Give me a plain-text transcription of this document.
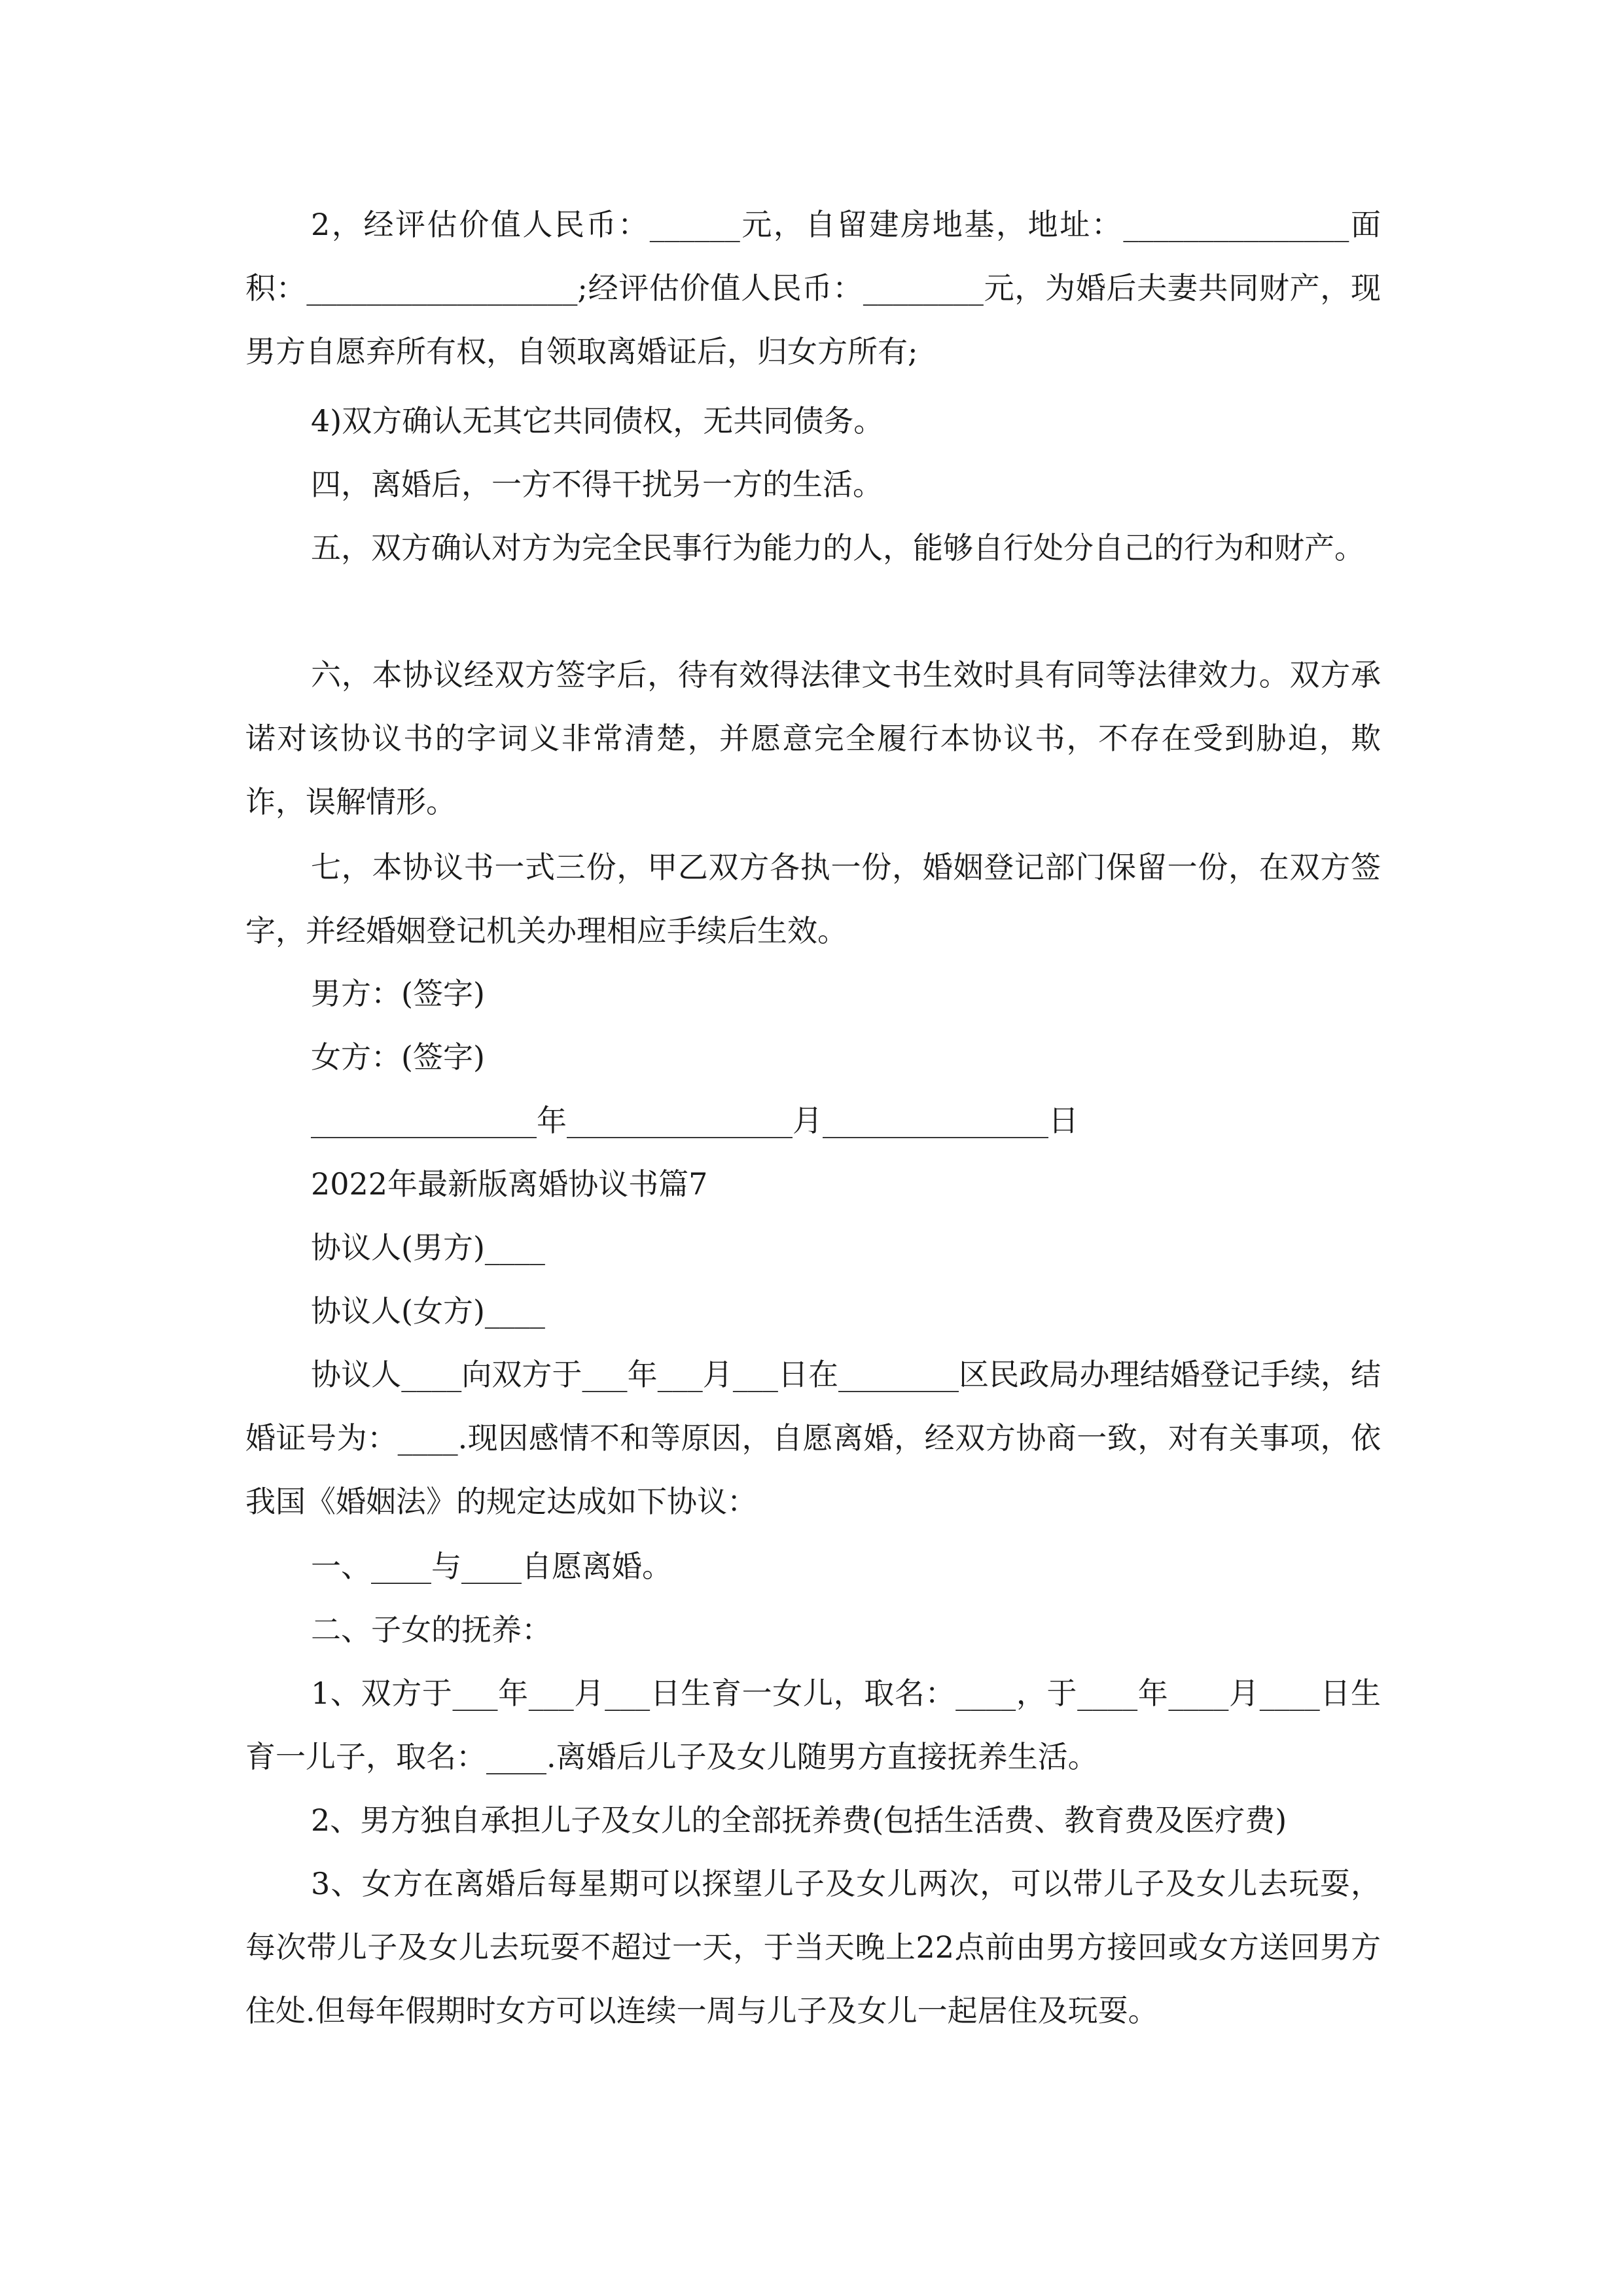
2，经评估价值人民币：______元，自留建房地基，地址：_______________面积：__________________;经评估价值人民币：________元，为婚后夫妻共同财产，现男方自愿弃所有权，自领取离婚证后，归女方所有;

4)双方确认无其它共同债权，无共同债务。

四，离婚后，一方不得干扰另一方的生活。

五，双方确认对方为完全民事行为能力的人，能够自行处分自己的行为和财产。

六，本协议经双方签字后，待有效得法律文书生效时具有同等法律效力。双方承诺对该协议书的字词义非常清楚，并愿意完全履行本协议书，不存在受到胁迫，欺诈，误解情形。

七，本协议书一式三份，甲乙双方各执一份，婚姻登记部门保留一份，在双方签字，并经婚姻登记机关办理相应手续后生效。

男方：(签字)

女方：(签字)

_______________年_______________月_______________日

2022年最新版离婚协议书篇7

协议人(男方)____

协议人(女方)____

协议人____向双方于___年___月___日在________区民政局办理结婚登记手续，结婚证号为：____.现因感情不和等原因，自愿离婚，经双方协商一致，对有关事项，依我国《婚姻法》的规定达成如下协议：

一、____与____自愿离婚。

二、子女的抚养：

1、双方于___年___月___日生育一女儿，取名：____，于____年____月____日生育一儿子，取名：____.离婚后儿子及女儿随男方直接抚养生活。

2、男方独自承担儿子及女儿的全部抚养费(包括生活费、教育费及医疗费)

3、女方在离婚后每星期可以探望儿子及女儿两次，可以带儿子及女儿去玩耍，每次带儿子及女儿去玩耍不超过一天，于当天晚上22点前由男方接回或女方送回男方住处.但每年假期时女方可以连续一周与儿子及女儿一起居住及玩耍。
